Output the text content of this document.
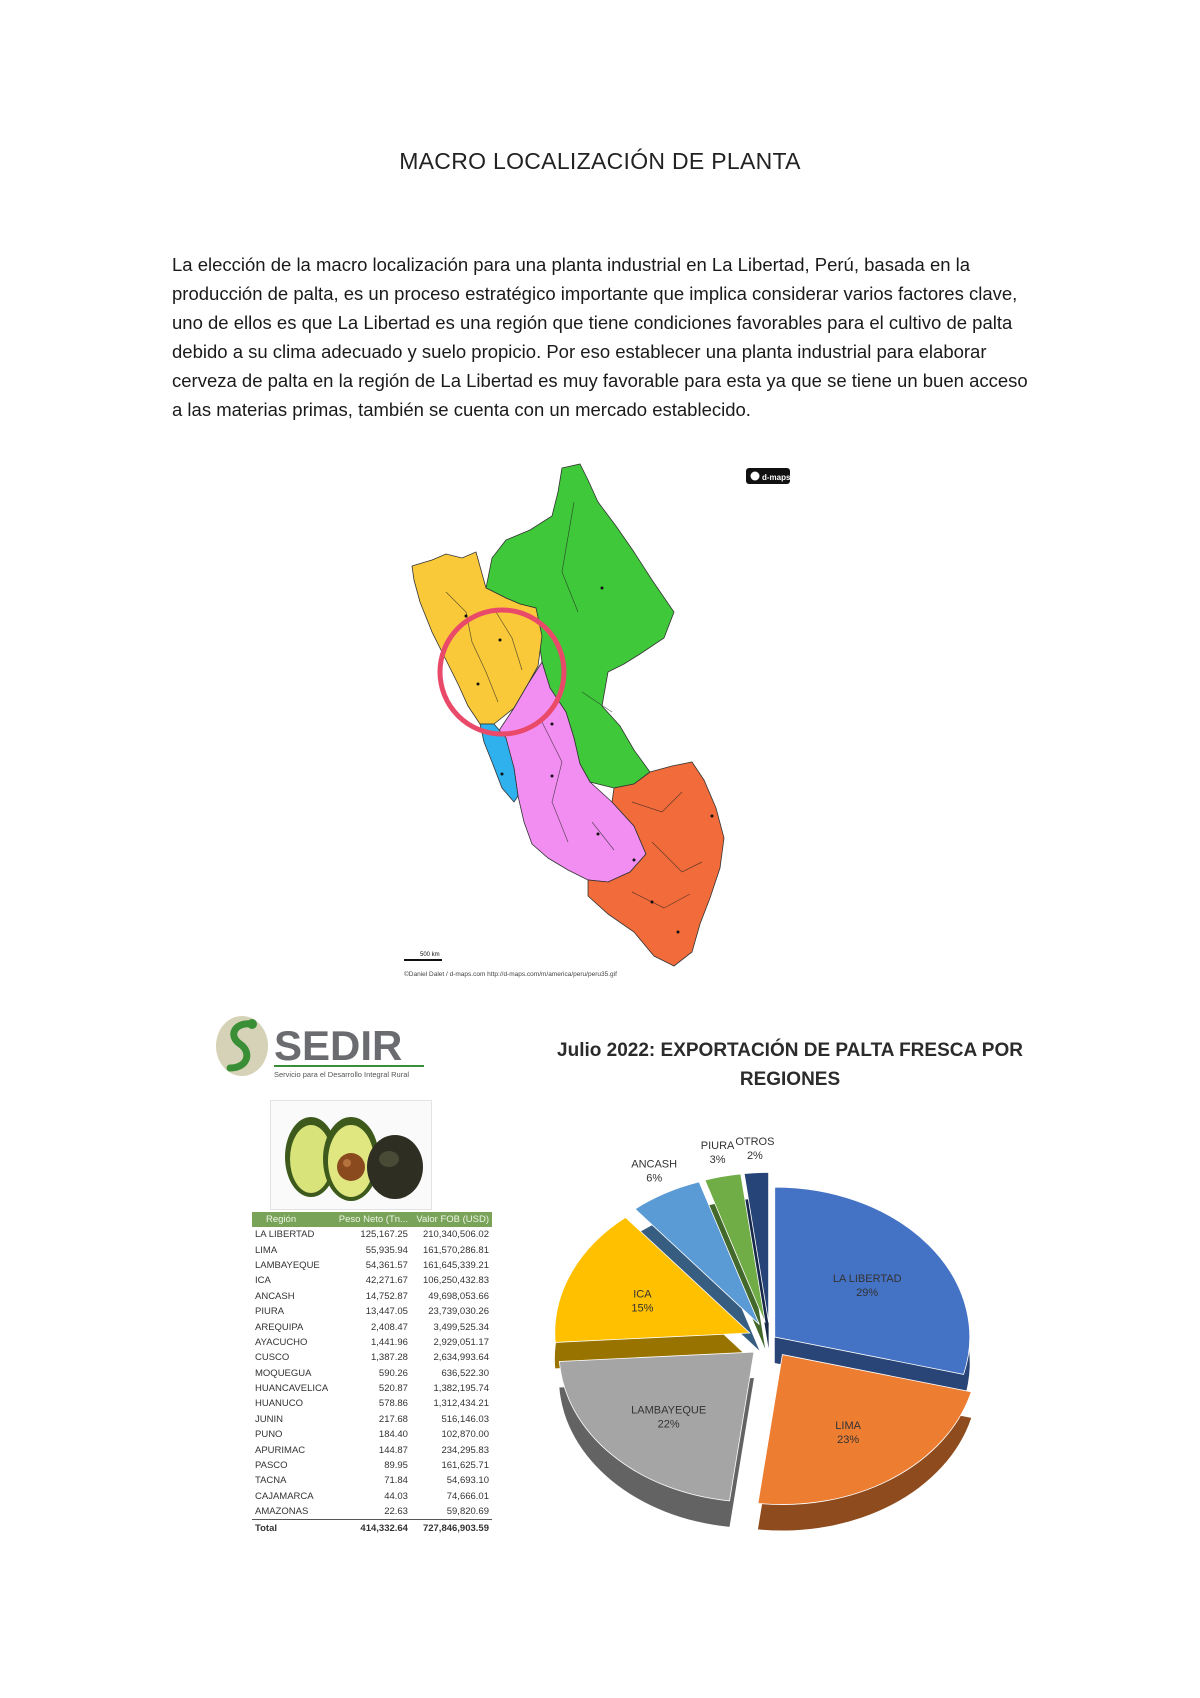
MACRO LOCALIZACIÓN DE PLANTA
La elección de la macro localización para una planta industrial en La Libertad, Perú, basada en la producción de palta, es un proceso estratégico importante que implica considerar varios factores clave, uno de ellos es que La Libertad es una región que tiene condiciones favorables para el cultivo de palta debido a su clima adecuado y suelo propicio. Por eso establecer una planta industrial para elaborar cerveza de palta en la región de La Libertad es muy favorable para esta ya que se tiene un buen acceso a las materias primas, también se cuenta con un mercado establecido.
d-maps
500 km
©Daniel Dalet / d-maps.com http://d-maps.com/m/america/peru/peru35.gif
SEDIR
Servicio para el Desarrollo Integral Rural
Región	Peso Neto (Tn...	Valor FOB (USD)
LA LIBERTAD	125,167.25	210,340,506.02
LIMA	55,935.94	161,570,286.81
LAMBAYEQUE	54,361.57	161,645,339.21
ICA	42,271.67	106,250,432.83
ANCASH	14,752.87	49,698,053.66
PIURA	13,447.05	23,739,030.26
AREQUIPA	2,408.47	3,499,525.34
AYACUCHO	1,441.96	2,929,051.17
CUSCO	1,387.28	2,634,993.64
MOQUEGUA	590.26	636,522.30
HUANCAVELICA	520.87	1,382,195.74
HUANUCO	578.86	1,312,434.21
JUNIN	217.68	516,146.03
PUNO	184.40	102,870.00
APURIMAC	144.87	234,295.83
PASCO	89.95	161,625.71
TACNA	71.84	54,693.10
CAJAMARCA	44.03	74,666.01
AMAZONAS	22.63	59,820.69
Total	414,332.64	727,846,903.59
Julio 2022: EXPORTACIÓN DE PALTA FRESCA POR REGIONES
LA LIBERTAD
29%
LIMA
23%
LAMBAYEQUE
22%
ICA
15%
ANCASH
6%
PIURA
3%
OTROS
2%
